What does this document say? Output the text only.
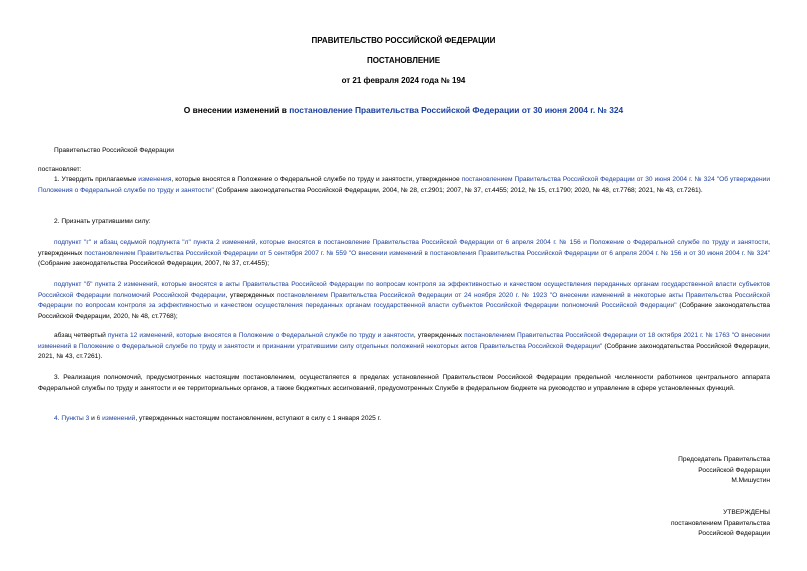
ПРАВИТЕЛЬСТВО РОССИЙСКОЙ ФЕДЕРАЦИИ
ПОСТАНОВЛЕНИЕ
от 21 февраля 2024 года № 194
О внесении изменений в постановление Правительства Российской Федерации от 30 июня 2004 г. № 324
Правительство Российской Федерации
постановляет:
1. Утвердить прилагаемые изменения, которые вносятся в Положение о Федеральной службе по труду и занятости, утвержденное постановлением Правительства Российской Федерации от 30 июня 2004 г. № 324 "Об утверждении Положения о Федеральной службе по труду и занятости" (Собрание законодательства Российской Федерации, 2004, № 28, ст.2901; 2007, № 37, ст.4455; 2012, № 15, ст.1790; 2020, № 48, ст.7768; 2021, № 43, ст.7261).
2. Признать утратившими силу:
подпункт "г" и абзац седьмой подпункта "л" пункта 2 изменений, которые вносятся в постановление Правительства Российской Федерации от 6 апреля 2004 г. № 156 и Положение о Федеральной службе по труду и занятости, утвержденных постановлением Правительства Российской Федерации от 5 сентября 2007 г. № 559 "О внесении изменений в постановления Правительства Российской Федерации от 6 апреля 2004 г. № 156 и от 30 июня 2004 г. № 324" (Собрание законодательства Российской Федерации, 2007, № 37, ст.4455);
подпункт "б" пункта 2 изменений, которые вносятся в акты Правительства Российской Федерации по вопросам контроля за эффективностью и качеством осуществления переданных органам государственной власти субъектов Российской Федерации полномочий Российской Федерации, утвержденных постановлением Правительства Российской Федерации от 24 ноября 2020 г. № 1923 "О внесении изменений в некоторые акты Правительства Российской Федерации по вопросам контроля за эффективностью и качеством осуществления переданных органам государственной власти субъектов Российской Федерации полномочий Российской Федерации" (Собрание законодательства Российской Федерации, 2020, № 48, ст.7768);
абзац четвертый пункта 12 изменений, которые вносятся в Положение о Федеральной службе по труду и занятости, утвержденных постановлением Правительства Российской Федерации от 18 октября 2021 г. № 1763 "О внесении изменений в Положение о Федеральной службе по труду и занятости и признании утратившими силу отдельных положений некоторых актов Правительства Российской Федерации" (Собрание законодательства Российской Федерации, 2021, № 43, ст.7261).
3. Реализация полномочий, предусмотренных настоящим постановлением, осуществляется в пределах установленной Правительством Российской Федерации предельной численности работников центрального аппарата Федеральной службы по труду и занятости и ее территориальных органов, а также бюджетных ассигнований, предусмотренных Службе в федеральном бюджете на руководство и управление в сфере установленных функций.
4. Пункты 3 и 6 изменений, утвержденных настоящим постановлением, вступают в силу с 1 января 2025 г.
Председатель Правительства
Российской Федерации
М.Мишустин
УТВЕРЖДЕНЫ
постановлением Правительства
Российской Федерации
